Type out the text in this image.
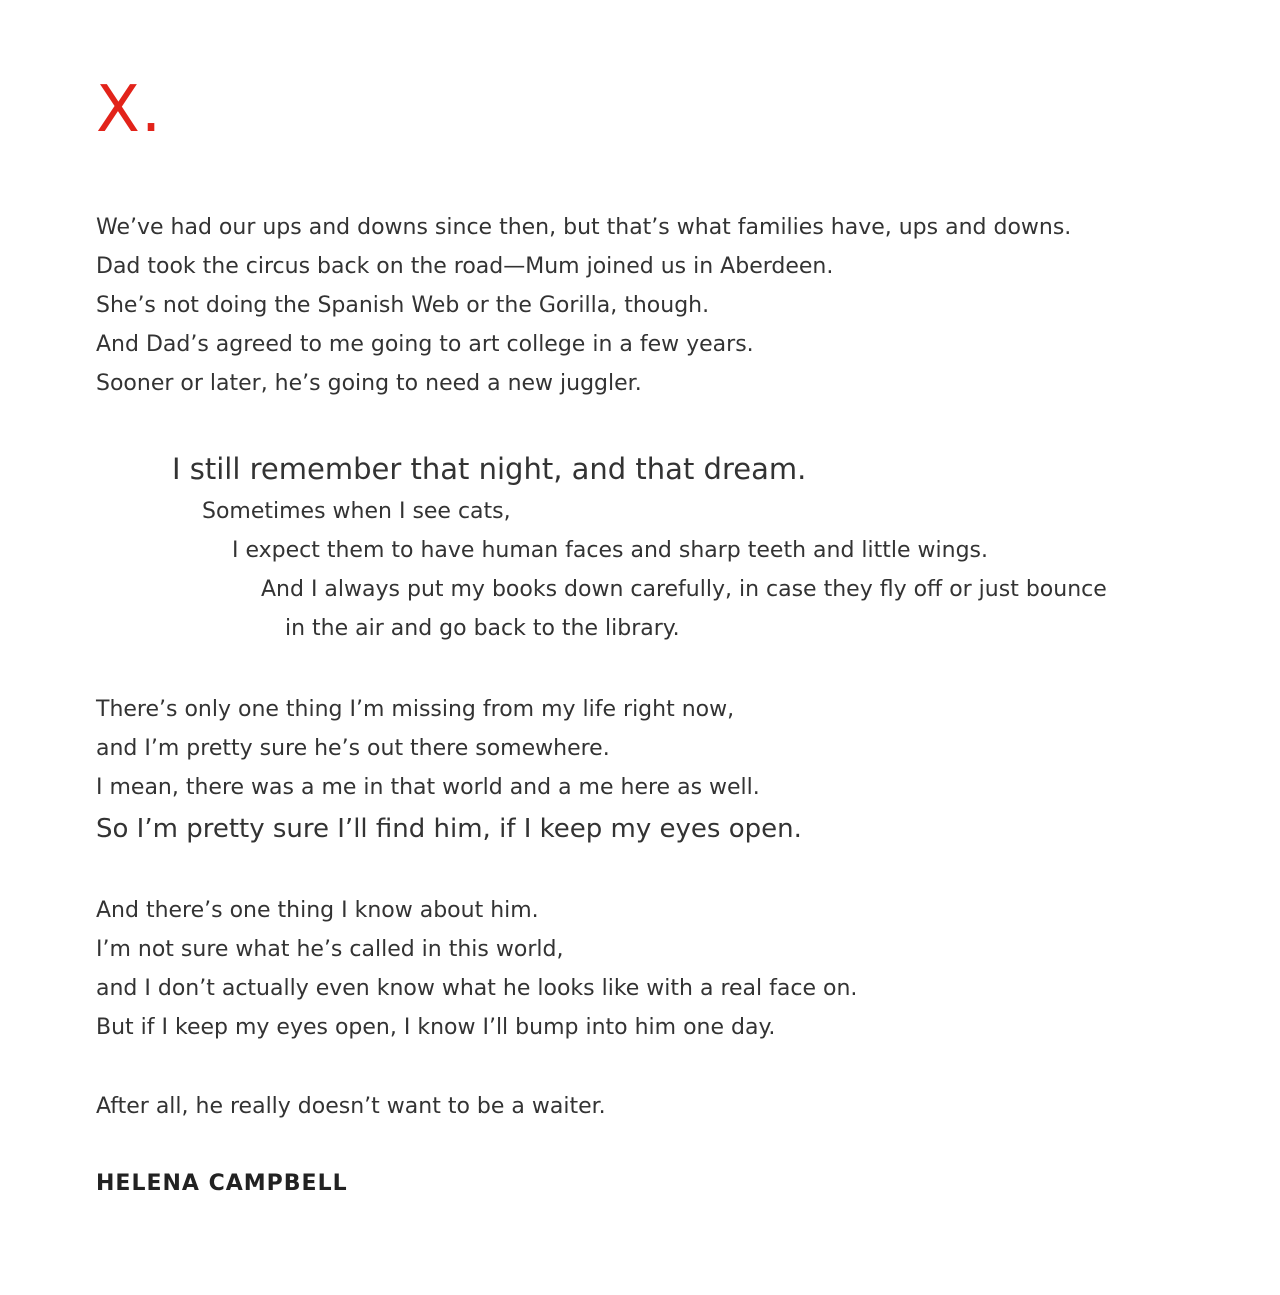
X.
We’ve had our ups and downs since then, but that’s what families have, ups and downs.
Dad took the circus back on the road—Mum joined us in Aberdeen.
She’s not doing the Spanish Web or the Gorilla, though.
And Dad’s agreed to me going to art college in a few years.
Sooner or later, he’s going to need a new juggler.
I still remember that night, and that dream.
Sometimes when I see cats,
I expect them to have human faces and sharp teeth and little wings.
And I always put my books down carefully, in case they fly off or just bounce
in the air and go back to the library.
There’s only one thing I’m missing from my life right now,
and I’m pretty sure he’s out there somewhere.
I mean, there was a me in that world and a me here as well.
So I’m pretty sure I’ll find him, if I keep my eyes open.
And there’s one thing I know about him.
I’m not sure what he’s called in this world,
and I don’t actually even know what he looks like with a real face on.
But if I keep my eyes open, I know I’ll bump into him one day.
After all, he really doesn’t want to be a waiter.
HELENA CAMPBELL
